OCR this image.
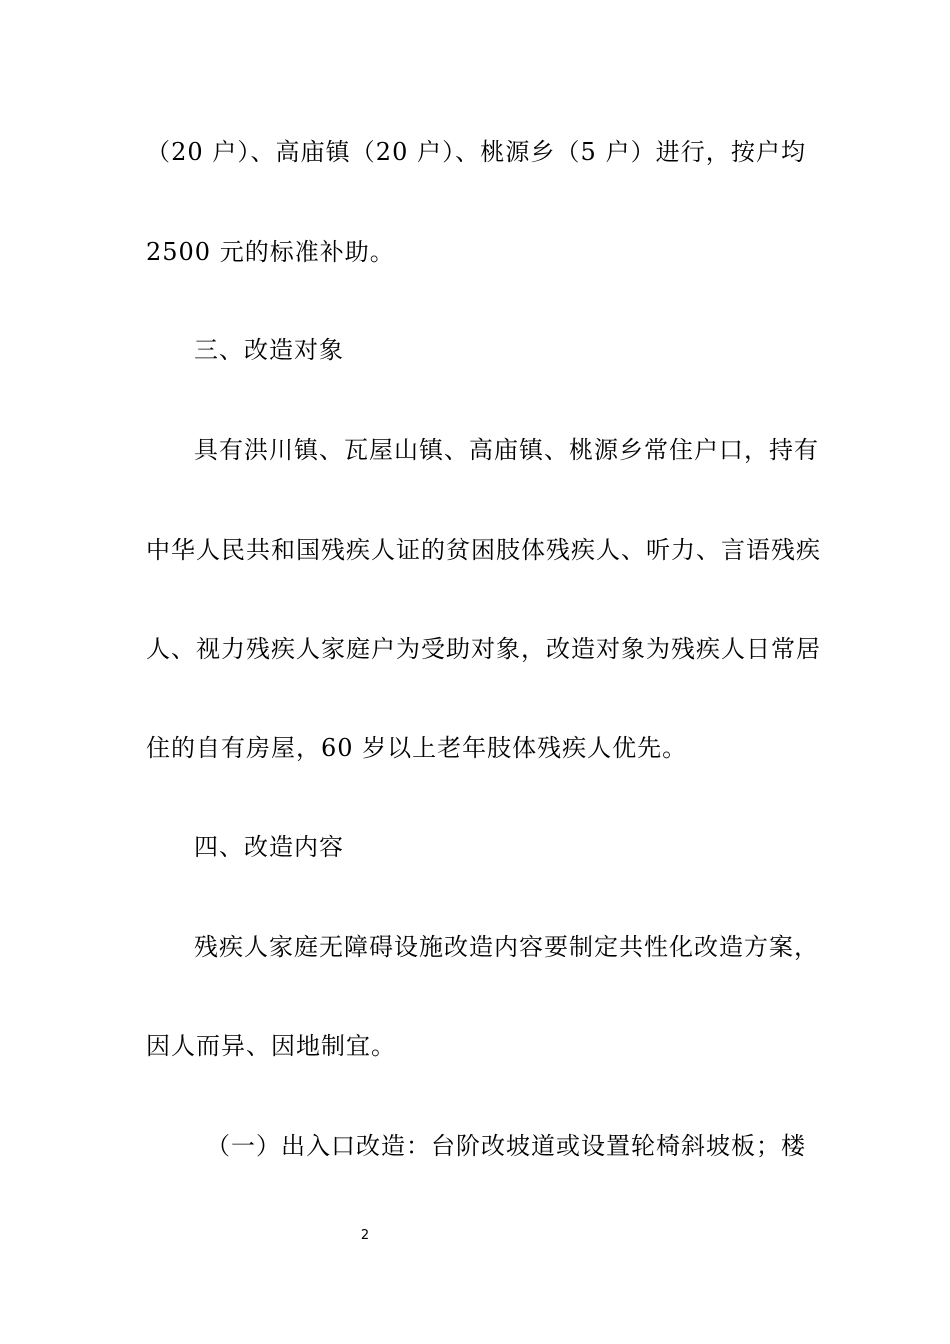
（20 户）、高庙镇（20 户）、桃源乡（5 户）进行，按户均
2500 元的标准补助。
三、改造对象
具有洪川镇、瓦屋山镇、高庙镇、桃源乡常住户口，持有
中华人民共和国残疾人证的贫困肢体残疾人、听力、言语残疾
人、视力残疾人家庭户为受助对象，改造对象为残疾人日常居
住的自有房屋，60 岁以上老年肢体残疾人优先。
四、改造内容
残疾人家庭无障碍设施改造内容要制定共性化改造方案，
因人而异、因地制宜。
（一）出入口改造：台阶改坡道或设置轮椅斜坡板；楼
2
